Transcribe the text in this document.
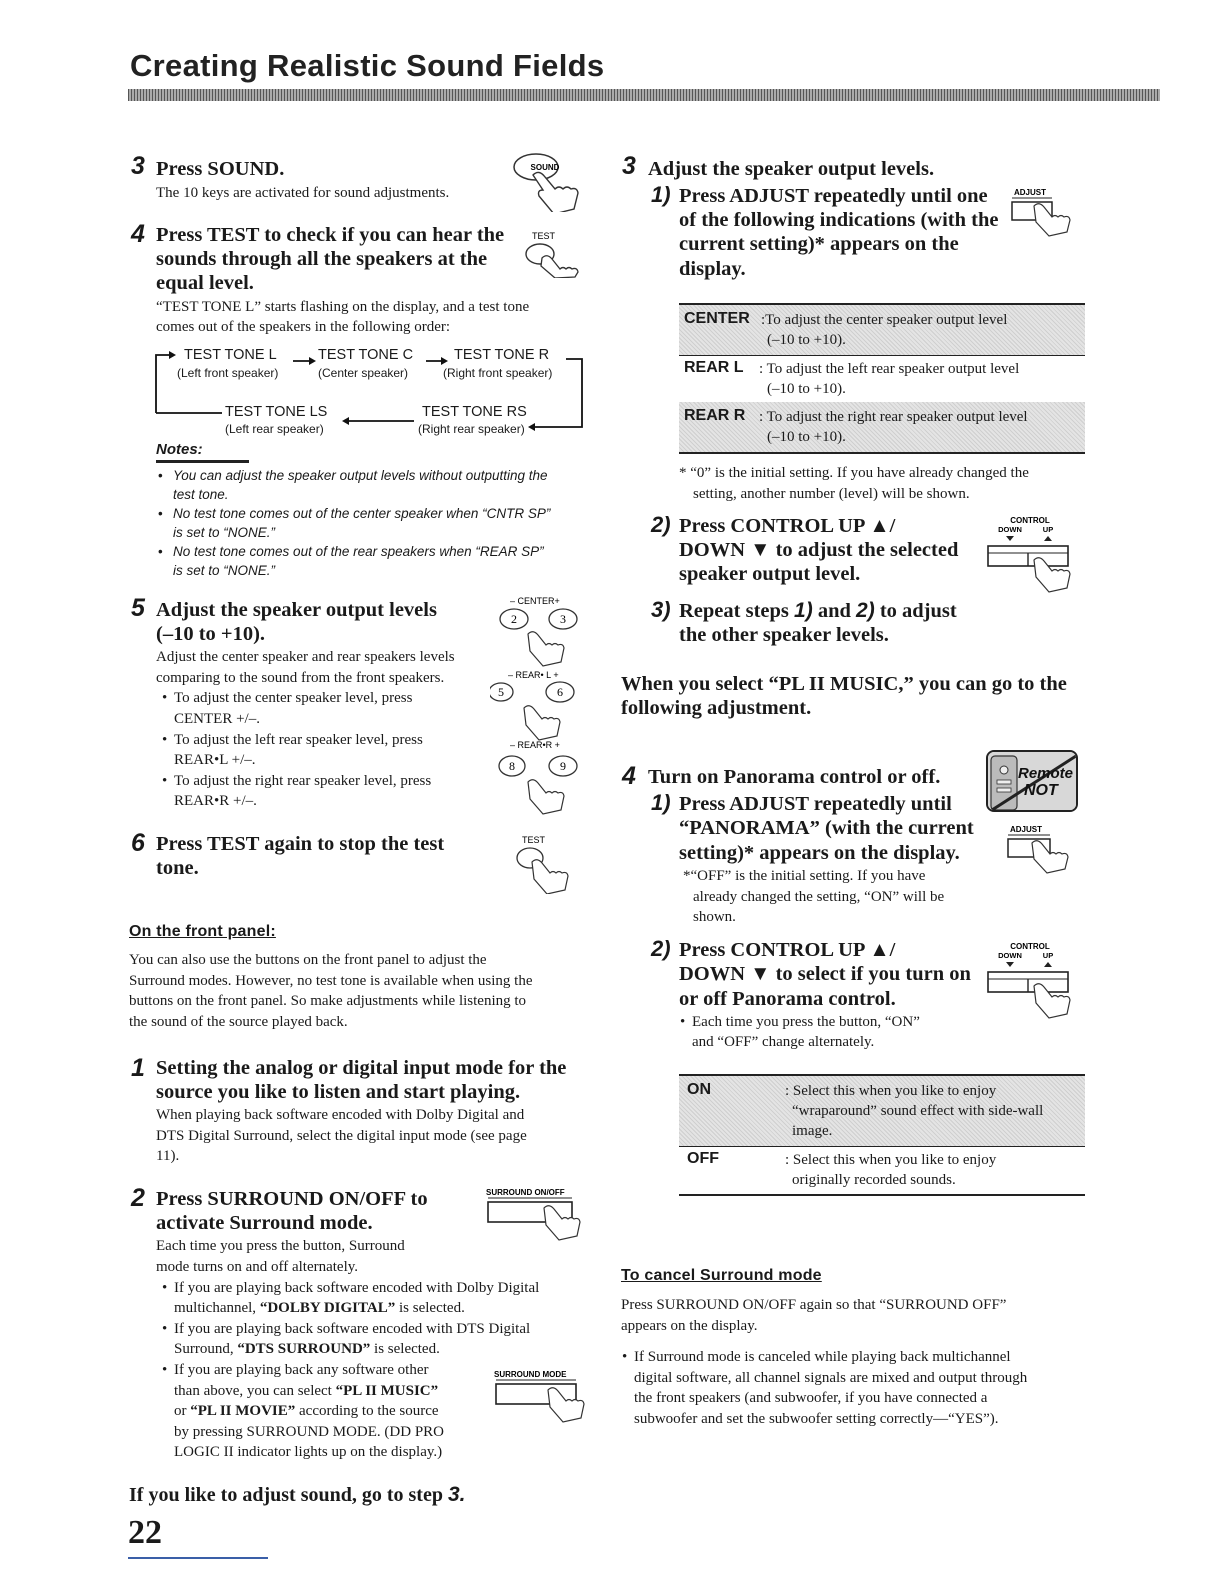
Creating Realistic Sound Fields
3 Press SOUND.
The 10 keys are activated for sound adjustments.
SOUND
4 Press TEST to check if you can hear the
sounds through all the speakers at the
equal level.
“TEST TONE L” starts flashing on the display, and a test tone
comes out of the speakers in the following order:
TEST
TEST TONE L
(Left front speaker)
TEST TONE C
(Center speaker)
TEST TONE R
(Right front speaker)
TEST TONE LS
(Left rear speaker)
TEST TONE RS
(Right rear speaker)
Notes:
• You can adjust the speaker output levels without outputting the
test tone.
• No test tone comes out of the center speaker when “CNTR SP”
is set to “NONE.”
• No test tone comes out of the rear speakers when “REAR SP”
is set to “NONE.”
5 Adjust the speaker output levels
(–10 to +10).
Adjust the center speaker and rear speakers levels
comparing to the sound from the front speakers.
• To adjust the center speaker level, press
CENTER +/–.
• To adjust the left rear speaker level, press
REAR•L +/–.
• To adjust the right rear speaker level, press
REAR•R +/–.
– CENTER+
2	3
– REAR• L +
5	6
– REAR•R +
8	9
6 Press TEST again to stop the test
tone.
TEST
On the front panel:
You can also use the buttons on the front panel to adjust the
Surround modes. However, no test tone is available when using the
buttons on the front panel. So make adjustments while listening to
the sound of the source played back.
1 Setting the analog or digital input mode for the
source you like to listen and start playing.
When playing back software encoded with Dolby Digital and
DTS Digital Surround, select the digital input mode (see page
11).
2 Press SURROUND ON/OFF to
activate Surround mode.
Each time you press the button, Surround
mode turns on and off alternately.
• If you are playing back software encoded with Dolby Digital
multichannel, “DOLBY DIGITAL” is selected.
• If you are playing back software encoded with DTS Digital
Surround, “DTS SURROUND” is selected.
• If you are playing back any software other
than above, you can select “PL II MUSIC”
or “PL II MOVIE” according to the source
by pressing SURROUND MODE. (DD PRO
LOGIC II indicator lights up on the display.)
SURROUND ON/OFF
SURROUND MODE
If you like to adjust sound, go to step 3.
22
3 Adjust the speaker output levels.
1) Press ADJUST repeatedly until one
of the following indications (with the
current setting)* appears on the
display.
ADJUST
CENTER :To adjust the center speaker output level
(–10 to +10).
REAR L : To adjust the left rear speaker output level
(–10 to +10).
REAR R : To adjust the right rear speaker output level
(–10 to +10).
* “0” is the initial setting. If you have already changed the
setting, another number (level) will be shown.
2) Press CONTROL UP ▲/
DOWN ▼ to adjust the selected
speaker output level.
CONTROL
DOWN	UP
3) Repeat steps 1) and 2) to adjust
the other speaker levels.
When you select “PL II MUSIC,” you can go to the
following adjustment.
4 Turn on Panorama control or off.	Remote
NOT
1) Press ADJUST repeatedly until
“PANORAMA” (with the current
setting)* appears on the display.
*“OFF” is the initial setting. If you have
already changed the setting, “ON” will be
shown.
ADJUST
2) Press CONTROL UP ▲/
DOWN ▼ to select if you turn on
or off Panorama control.
• Each time you press the button, “ON”
and “OFF” change alternately.
CONTROL
DOWN	UP
ON	: Select this when you like to enjoy
“wraparound” sound effect with side-wall
image.
OFF	: Select this when you like to enjoy
originally recorded sounds.
To cancel Surround mode
Press SURROUND ON/OFF again so that “SURROUND OFF”
appears on the display.
• If Surround mode is canceled while playing back multichannel
digital software, all channel signals are mixed and output through
the front speakers (and subwoofer, if you have connected a
subwoofer and set the subwoofer setting correctly—“YES”).
